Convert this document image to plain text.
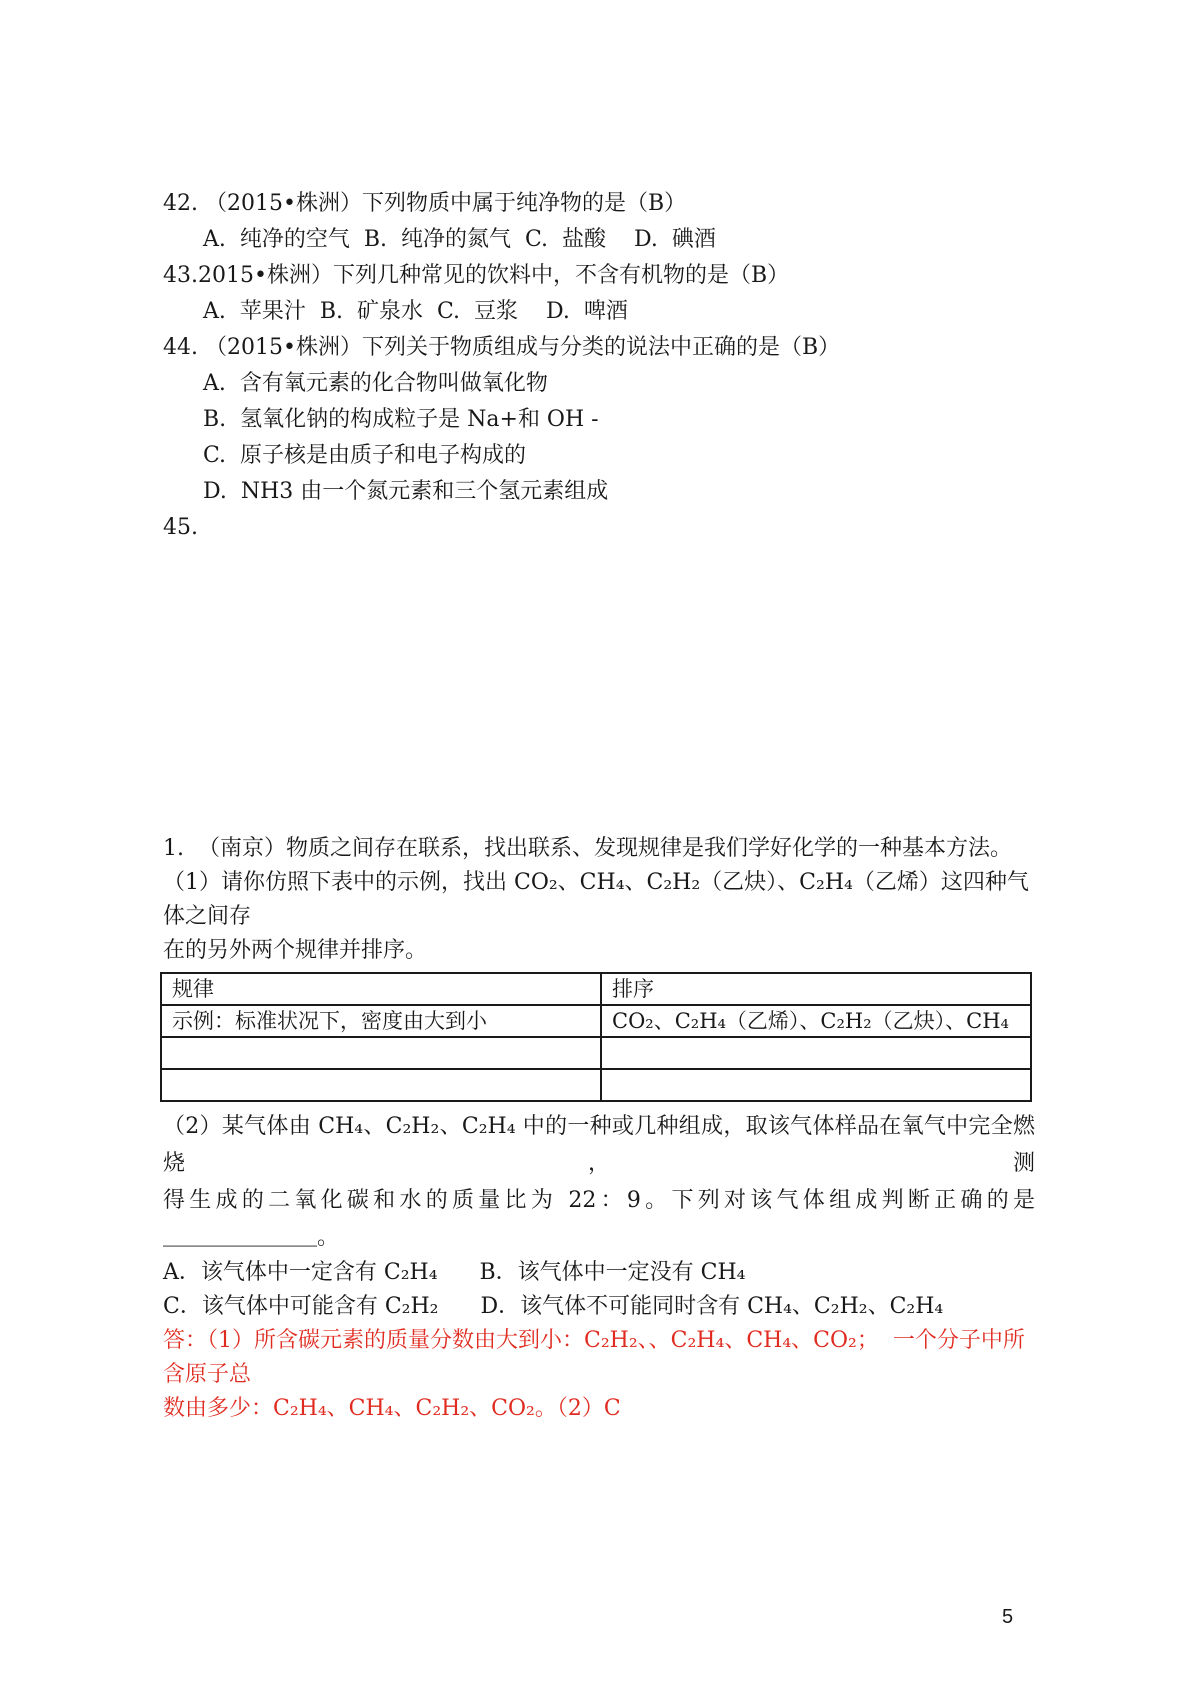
42. （2015•株洲）下列物质中属于纯净物的是（B）
A.  纯净的空气  B.  纯净的氮气  C.  盐酸    D.  碘酒
43.2015•株洲）下列几种常见的饮料中，不含有机物的是（B）
A.  苹果汁  B.  矿泉水  C.  豆浆    D.  啤酒
44. （2015•株洲）下列关于物质组成与分类的说法中正确的是（B）
A.  含有氧元素的化合物叫做氧化物
B.  氢氧化钠的构成粒子是 Na+和 OH -
C.  原子核是由质子和电子构成的
D.  NH3 由一个氮元素和三个氢元素组成
45.
1.  （南京）物质之间存在联系，找出联系、发现规律是我们学好化学的一种基本方法。
（1）请你仿照下表中的示例，找出 CO₂、CH₄、C₂H₂（乙炔）、C₂H₄（乙烯）这四种气体之间存
在的另外两个规律并排序。
规律	排序
示例：标准状况下，密度由大到小	CO₂、C₂H₄（乙烯）、C₂H₂（乙炔）、CH₄

（2）某气体由 CH₄、C₂H₂、C₂H₄ 中的一种或几种组成，取该气体样品在氧气中完全燃烧，测
得生成的二氧化碳和水的质量比为 22：9。下列对该气体组成判断正确的是
＿＿＿＿＿＿＿。
A．该气体中一定含有 C₂H₄      B．该气体中一定没有 CH₄
C．该气体中可能含有 C₂H₂      D．该气体不可能同时含有 CH₄、C₂H₂、C₂H₄
答：（1）所含碳元素的质量分数由大到小：C₂H₂、、C₂H₄、CH₄、CO₂；  一个分子中所含原子总
数由多少：C₂H₄、CH₄、C₂H₂、CO₂。（2）C
5
